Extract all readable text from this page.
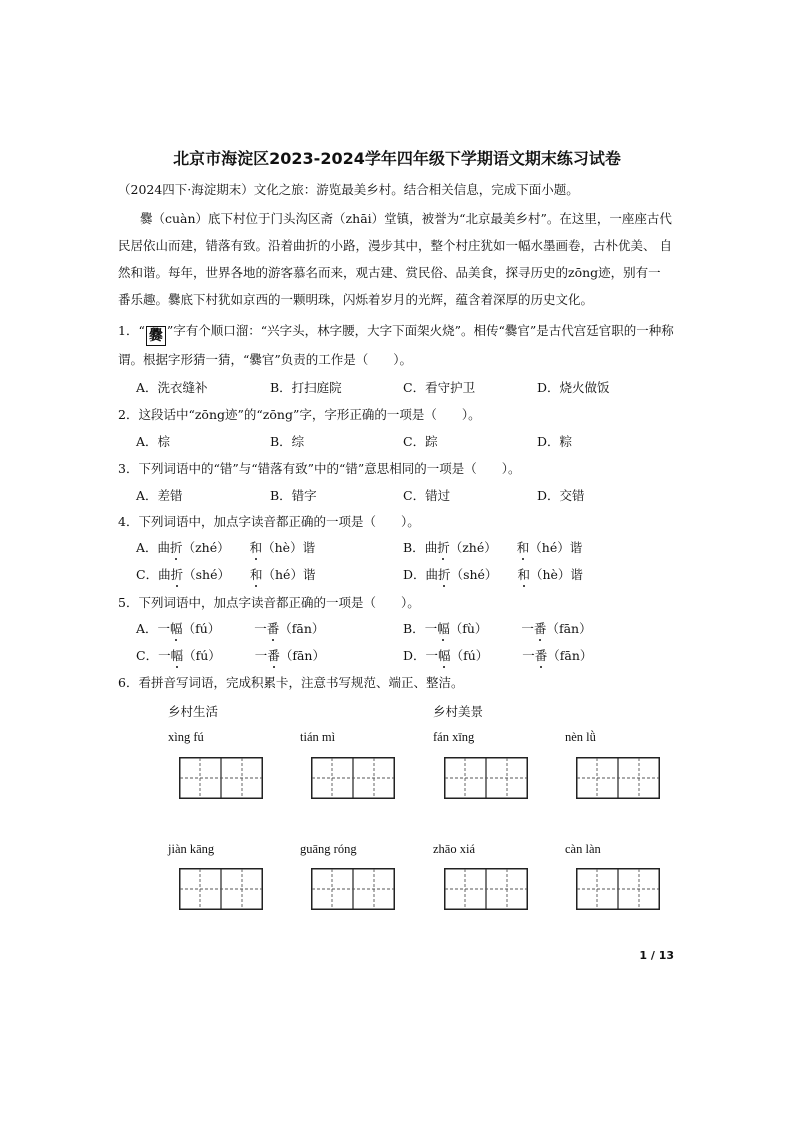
北京市海淀区2023-2024学年四年级下学期语文期末练习试卷
（2024四下·海淀期末）文化之旅：游览最美乡村。结合相关信息，完成下面小题。
爨（cuàn）底下村位于门头沟区斋（zhāi）堂镇，被誉为“北京最美乡村”。在这里，一座座古代
民居依山而建，错落有致。沿着曲折的小路，漫步其中，整个村庄犹如一幅水墨画卷，古朴优美、 自
然和谐。每年，世界各地的游客慕名而来，观古建、赏民俗、品美食，探寻历史的zōng迹，别有一
番乐趣。爨底下村犹如京西的一颗明珠，闪烁着岁月的光辉，蕴含着深厚的历史文化。
1．“ 爨 ”字有个顺口溜：“兴字头，林字腰，大字下面架火烧”。相传“爨官”是古代宫廷官职的一种称
谓。根据字形猜一猜，“爨官”负责的工作是（　　）。
A．洗衣缝补	B．打扫庭院	C．看守护卫	D．烧火做饭
2．这段话中“zōng迹”的“zōng”字，字形正确的一项是（　　）。
A．棕	B．综	C．踪	D．粽
3．下列词语中的“错”与“错落有致”中的“错”意思相同的一项是（　　）。
A．差错	B．错字	C．错过	D．交错
4．下列词语中，加点字读音都正确的一项是（　　）。
A．曲折（zhé） 和（hè）谐	B．曲折（zhé） 和（hé）谐
C．曲折（shé） 和（hé）谐	D．曲折（shé） 和（hè）谐
5．下列词语中，加点字读音都正确的一项是（　　）。
A．一幅（fú）	一番（fān）	B．一幅（fù）	一番（fān）
C．一幅（fú）	一番（fān）	D．一幅（fú）	一番（fān）
6．看拼音写词语，完成积累卡，注意书写规范、端正、整洁。
乡村生活	乡村美景
xìng fú	tián mì	fán xīng	nèn lǜ
jiàn kāng	guāng róng	zhāo xiá	càn làn
1 / 13
